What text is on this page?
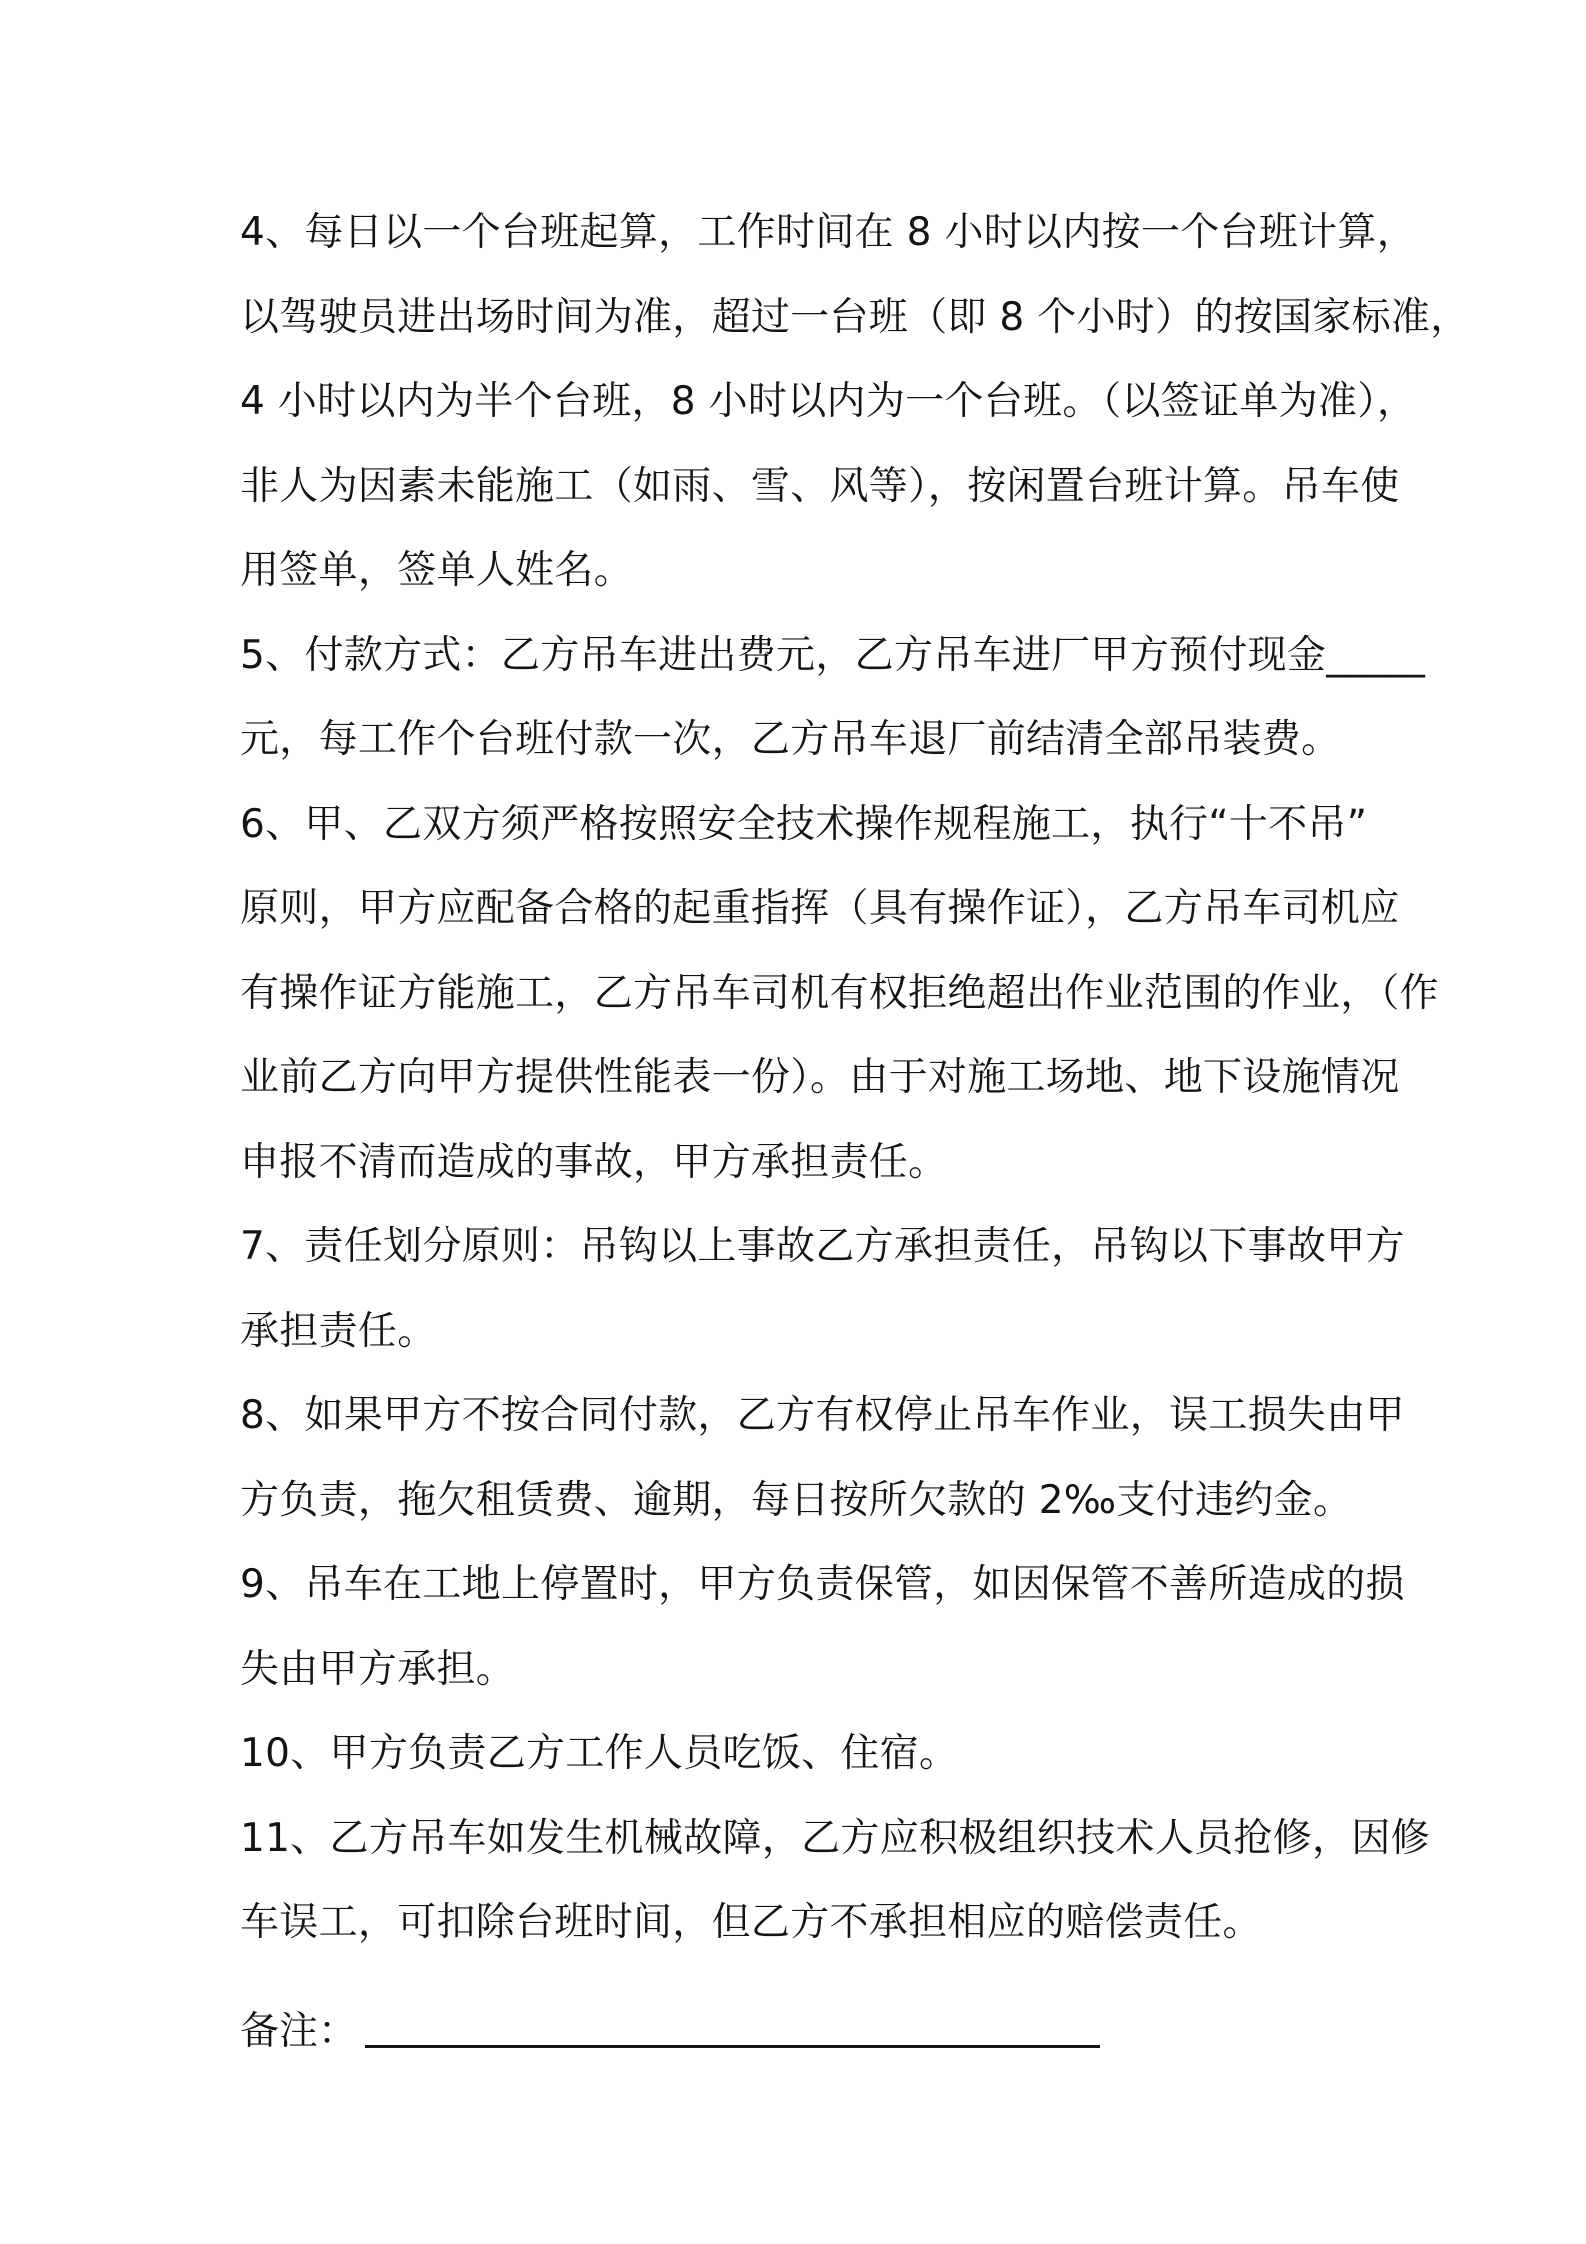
4、每日以一个台班起算，工作时间在 8 小时以内按一个台班计算，
以驾驶员进出场时间为准，超过一台班（即 8 个小时）的按国家标准，
4 小时以内为半个台班，8 小时以内为一个台班。（以签证单为准），
非人为因素未能施工（如雨、雪、风等），按闲置台班计算。吊车使
用签单，签单人姓名。
5、付款方式：乙方吊车进出费元，乙方吊车进厂甲方预付现金_____
元，每工作个台班付款一次，乙方吊车退厂前结清全部吊装费。
6、甲、乙双方须严格按照安全技术操作规程施工，执行“十不吊”
原则，甲方应配备合格的起重指挥（具有操作证），乙方吊车司机应
有操作证方能施工，乙方吊车司机有权拒绝超出作业范围的作业，（作
业前乙方向甲方提供性能表一份）。由于对施工场地、地下设施情况
申报不清而造成的事故，甲方承担责任。
7、责任划分原则：吊钩以上事故乙方承担责任，吊钩以下事故甲方
承担责任。
8、如果甲方不按合同付款，乙方有权停止吊车作业，误工损失由甲
方负责，拖欠租赁费、逾期，每日按所欠款的 2‰支付违约金。
9、吊车在工地上停置时，甲方负责保管，如因保管不善所造成的损
失由甲方承担。
10、甲方负责乙方工作人员吃饭、住宿。
11、乙方吊车如发生机械故障，乙方应积极组织技术人员抢修，因修
车误工，可扣除台班时间，但乙方不承担相应的赔偿责任。
备注：
